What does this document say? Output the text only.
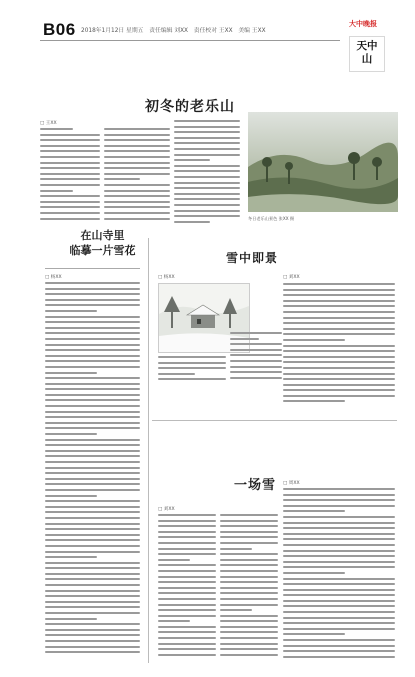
B06 2018年1月12日 星期五　责任编辑 刘XX　责任校对 王XX　美编 王XX
大中晚报
天中山
初冬的老乐山
□ 王XX
冬日老乐山景色 张XX 摄
在山寺里
临摹一片雪花
□ 杨XX
雪中即景
□ 杨XX	□ 刘XX
一场雪
□ 刘XX
□ 周XX
